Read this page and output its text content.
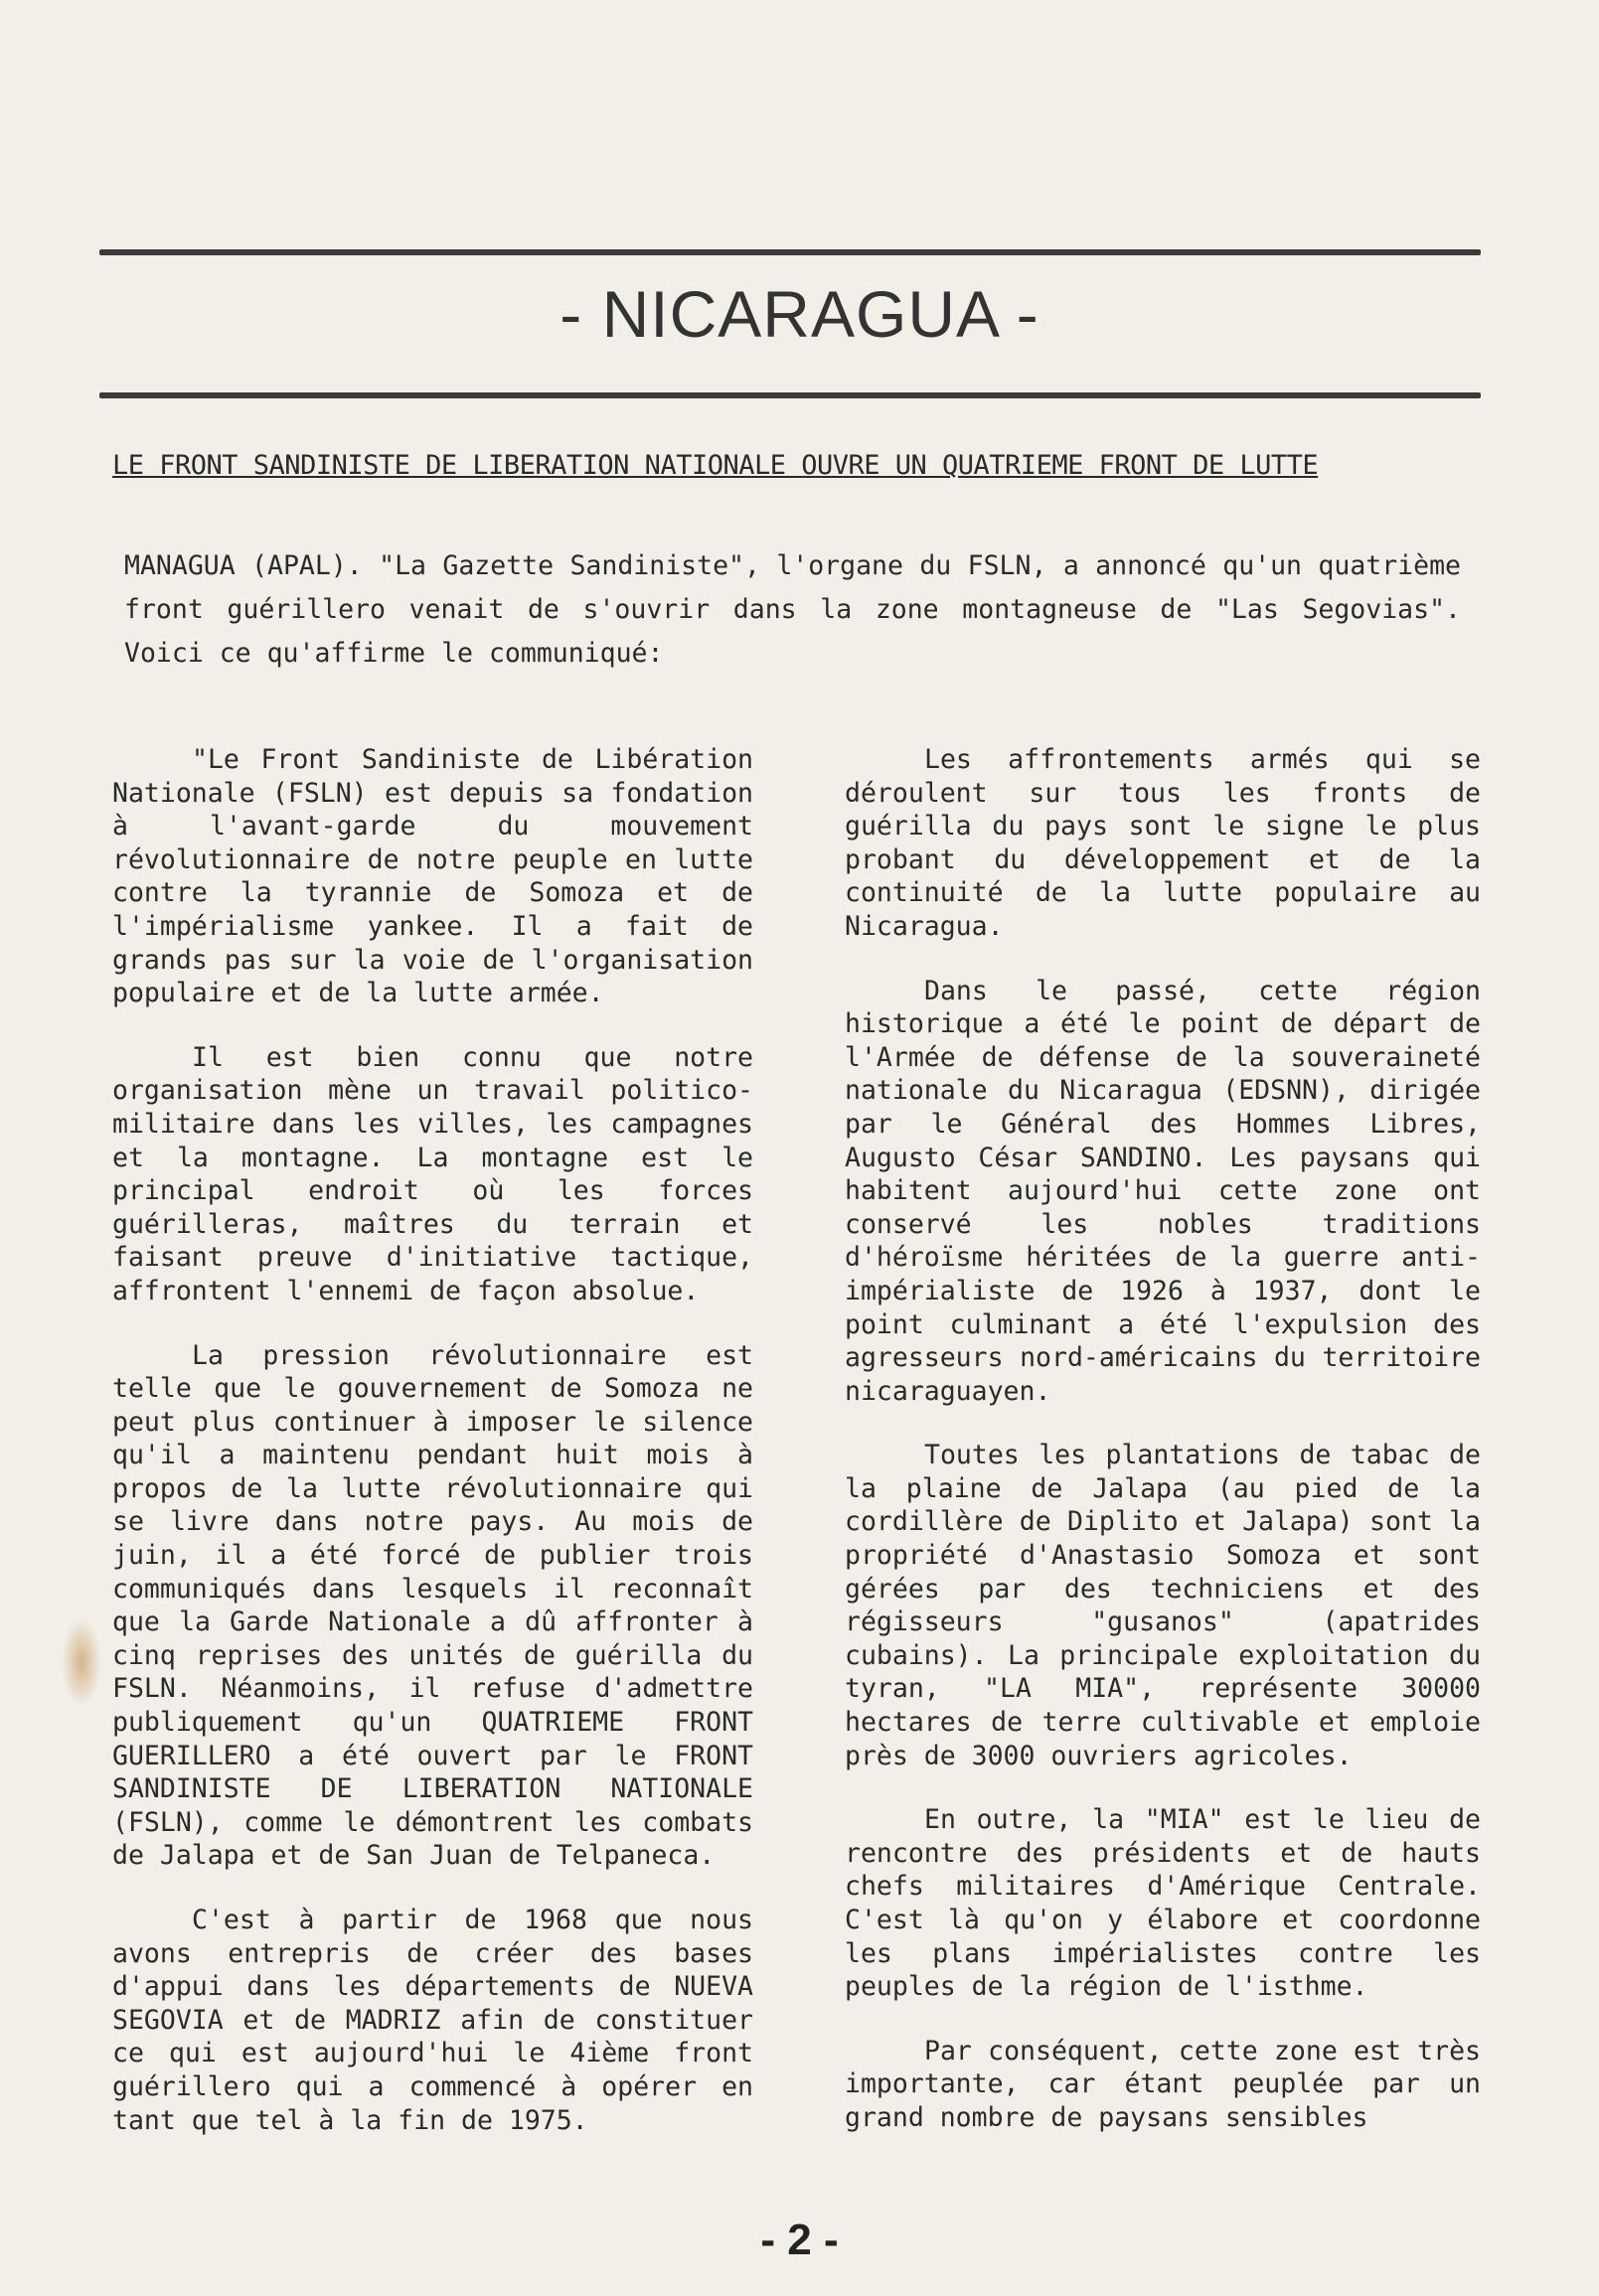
- NICARAGUA -
LE FRONT SANDINISTE DE LIBERATION NATIONALE OUVRE UN QUATRIEME FRONT DE LUTTE

MANAGUA (APAL). "La Gazette Sandiniste", l'organe du FSLN, a annoncé qu'un quatrième front guérillero venait de s'ouvrir dans la zone montagneuse de "Las Segovias". Voici ce qu'affirme le communiqué:

"Le Front Sandiniste de Libération Nationale (FSLN) est depuis sa fondation à l'avant-garde du mouvement révolutionnaire de notre peuple en lutte contre la tyrannie de Somoza et de l'impérialisme yankee. Il a fait de grands pas sur la voie de l'organisation populaire et de la lutte armée.

Il est bien connu que notre organisation mène un travail politico-militaire dans les villes, les campagnes et la montagne. La montagne est le principal endroit où les forces guérilleras, maîtres du terrain et faisant preuve d'initiative tactique, affrontent l'ennemi de façon absolue.

La pression révolutionnaire est telle que le gouvernement de Somoza ne peut plus continuer à imposer le silence qu'il a maintenu pendant huit mois à propos de la lutte révolutionnaire qui se livre dans notre pays. Au mois de juin, il a été forcé de publier trois communiqués dans lesquels il reconnaît que la Garde Nationale a dû affronter à cinq reprises des unités de guérilla du FSLN. Néanmoins, il refuse d'admettre publiquement qu'un QUATRIEME FRONT GUERILLERO a été ouvert par le FRONT SANDINISTE DE LIBERATION NATIONALE (FSLN), comme le démontrent les combats de Jalapa et de San Juan de Telpaneca.

C'est à partir de 1968 que nous avons entrepris de créer des bases d'appui dans les départements de NUEVA SEGOVIA et de MADRIZ afin de constituer ce qui est aujourd'hui le 4ième front guérillero qui a commencé à opérer en tant que tel à la fin de 1975.

Les affrontements armés qui se déroulent sur tous les fronts de guérilla du pays sont le signe le plus probant du développement et de la continuité de la lutte populaire au Nicaragua.

Dans le passé, cette région historique a été le point de départ de l'Armée de défense de la souveraineté nationale du Nicaragua (EDSNN), dirigée par le Général des Hommes Libres, Augusto César SANDINO. Les paysans qui habitent aujourd'hui cette zone ont conservé les nobles traditions d'héroïsme héritées de la guerre anti-impérialiste de 1926 à 1937, dont le point culminant a été l'expulsion des agresseurs nord-américains du territoire nicaraguayen.

Toutes les plantations de tabac de la plaine de Jalapa (au pied de la cordillère de Diplito et Jalapa) sont la propriété d'Anastasio Somoza et sont gérées par des techniciens et des régisseurs "gusanos" (apatrides cubains). La principale exploitation du tyran, "LA MIA", représente 30000 hectares de terre cultivable et emploie près de 3000 ouvriers agricoles.

En outre, la "MIA" est le lieu de rencontre des présidents et de hauts chefs militaires d'Amérique Centrale. C'est là qu'on y élabore et coordonne les plans impérialistes contre les peuples de la région de l'isthme.

Par conséquent, cette zone est très importante, car étant peuplée par un grand nombre de paysans sensibles

- 2 -
